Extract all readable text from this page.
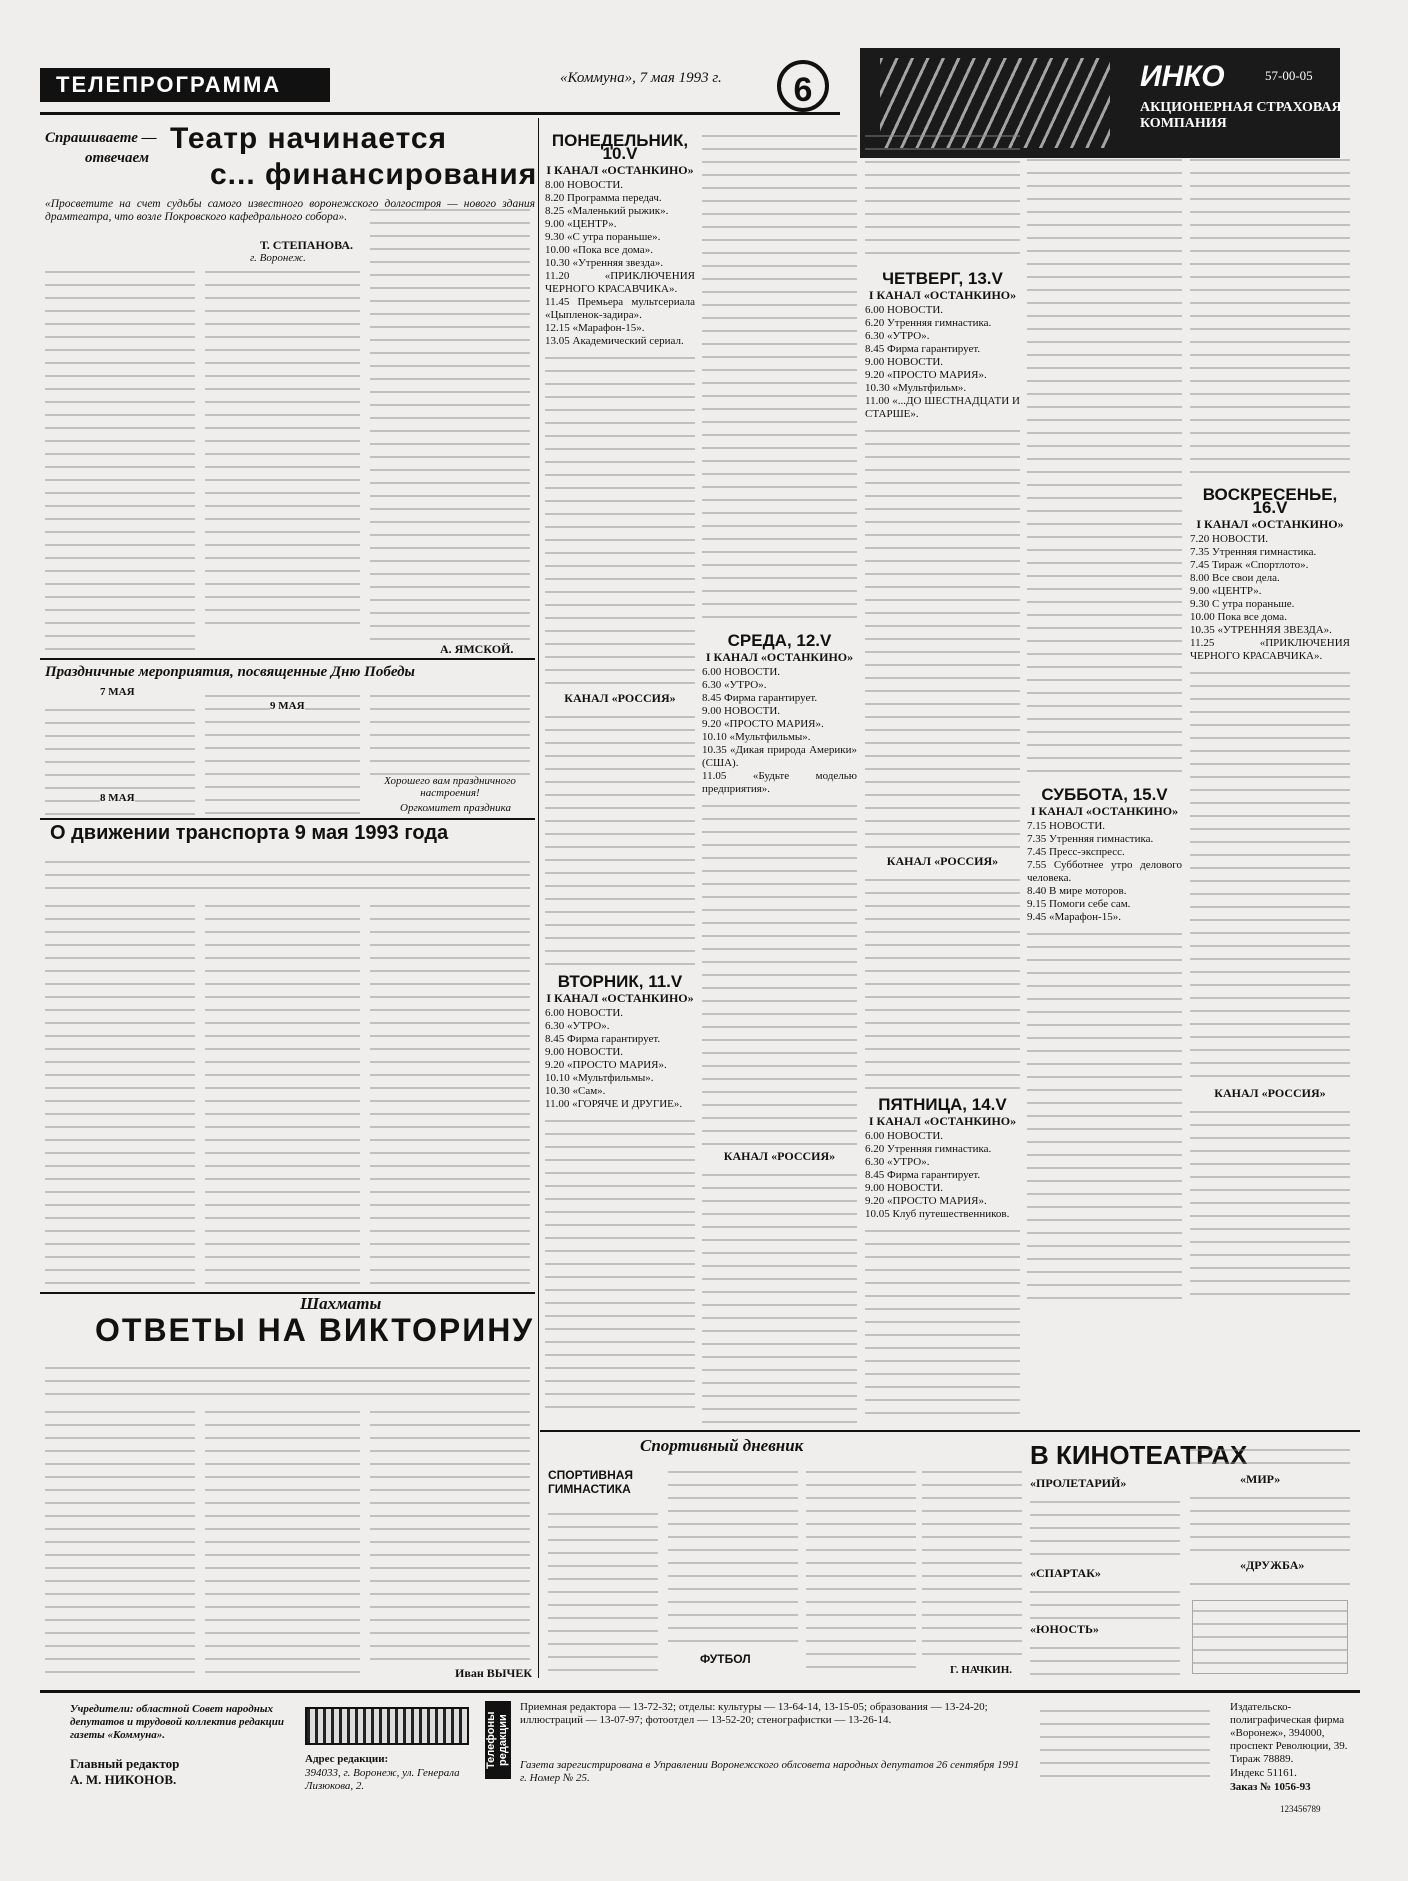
ТЕЛЕПРОГРАММА	«Коммуна», 7 мая 1993 г.	6	ИНКО	57-00-05
АКЦИОНЕРНАЯ СТРАХОВАЯ КОМПАНИЯ
Спрашиваете —
отвечаем
Театр начинается
с... финансирования
«Просветите на счет судьбы самого известного воронежского долгостроя — нового здания драмтеатра, что возле Покровского кафедрального собора».
Т. СТЕПАНОВА.
г. Воронеж.
А. ЯМСКОЙ.
Праздничные мероприятия, посвященные Дню Победы
7 МАЯ
8 МАЯ
9 МАЯ
Хорошего вам праздничного настроения!
Оргкомитет праздника
О движении транспорта 9 мая 1993 года
Шахматы
ОТВЕТЫ НА ВИКТОРИНУ
Иван ВЫЧЕК
ПОНЕДЕЛЬНИК, 10.V
I КАНАЛ «ОСТАНКИНО»

8.00 НОВОСТИ.

8.20 Программа передач.

8.25 «Маленький рыжик».

9.00 «ЦЕНТР».

9.30 «С утра пораньше».

10.00 «Пока все дома».

10.30 «Утренняя звезда».

11.20 «ПРИКЛЮЧЕНИЯ ЧЕРНОГО КРАСАВЧИКА».

11.45 Премьера мультсериала «Цыпленок-задира».

12.15 «Марафон-15».

13.05 Академический сериал.

КАНАЛ «РОССИЯ»
ВТОРНИК, 11.V
I КАНАЛ «ОСТАНКИНО»

6.00 НОВОСТИ.

6.30 «УТРО».

8.45 Фирма гарантирует.

9.00 НОВОСТИ.

9.20 «ПРОСТО МАРИЯ».

10.10 «Мультфильмы».

10.30 «Сам».

11.00 «ГОРЯЧЕ И ДРУГИЕ».

СРЕДА, 12.V
I КАНАЛ «ОСТАНКИНО»

6.00 НОВОСТИ.

6.30 «УТРО».

8.45 Фирма гарантирует.

9.00 НОВОСТИ.

9.20 «ПРОСТО МАРИЯ».

10.10 «Мультфильмы».

10.35 «Дикая природа Америки» (США).

11.05 «Будьте моделью предприятия».

КАНАЛ «РОССИЯ»
ЧЕТВЕРГ, 13.V
I КАНАЛ «ОСТАНКИНО»

6.00 НОВОСТИ.

6.20 Утренняя гимнастика.

6.30 «УТРО».

8.45 Фирма гарантирует.

9.00 НОВОСТИ.

9.20 «ПРОСТО МАРИЯ».

10.30 «Мультфильм».

11.00 «...ДО ШЕСТНАДЦАТИ И СТАРШЕ».

КАНАЛ «РОССИЯ»
ПЯТНИЦА, 14.V
I КАНАЛ «ОСТАНКИНО»

6.00 НОВОСТИ.

6.20 Утренняя гимнастика.

6.30 «УТРО».

8.45 Фирма гарантирует.

9.00 НОВОСТИ.

9.20 «ПРОСТО МАРИЯ».

10.05 Клуб путешественников.

СУББОТА, 15.V
I КАНАЛ «ОСТАНКИНО»

7.15 НОВОСТИ.

7.35 Утренняя гимнастика.

7.45 Пресс-экспресс.

7.55 Субботнее утро делового человека.

8.40 В мире моторов.

9.15 Помоги себе сам.

9.45 «Марафон-15».

ВОСКРЕСЕНЬЕ, 16.V
I КАНАЛ «ОСТАНКИНО»

7.20 НОВОСТИ.

7.35 Утренняя гимнастика.

7.45 Тираж «Спортлото».

8.00 Все свои дела.

9.00 «ЦЕНТР».

9.30 С утра пораньше.

10.00 Пока все дома.

10.35 «УТРЕННЯЯ ЗВЕЗДА».

11.25 «ПРИКЛЮЧЕНИЯ ЧЕРНОГО КРАСАВЧИКА».

КАНАЛ «РОССИЯ»
Спортивный дневник
СПОРТИВНАЯ ГИМНАСТИКА
ФУТБОЛ
Г. НАЧКИН.
В КИНОТЕАТРАХ
«ПРОЛЕТАРИЙ»
«СПАРТАК»
«ЮНОСТЬ»
«МИР»
«ДРУЖБА»
Учредители: областной Совет народных депутатов и трудовой коллектив редакции газеты «Коммуна».
Главный редактор
А. М. НИКОНОВ.
Адрес редакции:
394033, г. Воронеж, ул. Генерала Лизюкова, 2.
Телефоны редакции
Приемная редактора — 13-72-32; отделы: культуры — 13-64-14, 13-15-05; образования — 13-24-20; иллюстраций — 13-07-97; фотоотдел — 13-52-20; стенографистки — 13-26-14.
Газета зарегистрирована в Управлении Воронежского облсовета народных депутатов 26 сентября 1991 г. Номер № 25.
Издательско-полиграфическая фирма «Воронеж», 394000, проспект Революции, 39.
Тираж 78889.
Индекс 51161.
Заказ № 1056-93
123456789
